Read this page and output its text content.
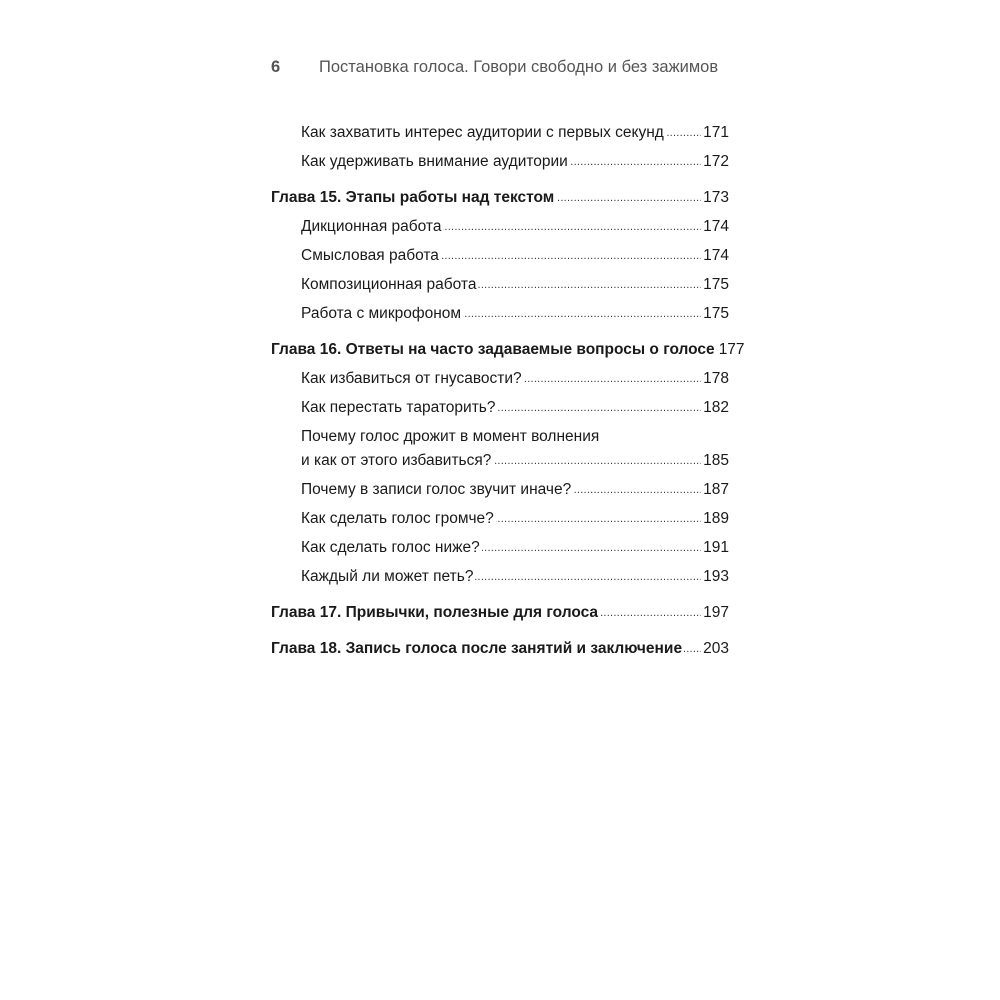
6	Постановка голоса. Говори свободно и без зажимов
Как захватить интерес аудитории с первых секунд . . .	171
Как удерживать внимание аудитории . . .	172
Глава 15. Этапы работы над текстом . . .	173
Дикционная работа . . .	174
Смысловая работа . . .	174
Композиционная работа . . .	175
Работа с микрофоном . . .	175
Глава 16. Ответы на часто задаваемые вопросы о голосе 177
Как избавиться от гнусавости? . . .	178
Как перестать тараторить? . . .	182
Почему голос дрожит в момент волнения
и как от этого избавиться? . . .	185
Почему в записи голос звучит иначе? . . .	187
Как сделать голос громче? . . .	189
Как сделать голос ниже? . . .	191
Каждый ли может петь? . . .	193
Глава 17. Привычки, полезные для голоса . . .	197
Глава 18. Запись голоса после занятий и заключение . . . 203
